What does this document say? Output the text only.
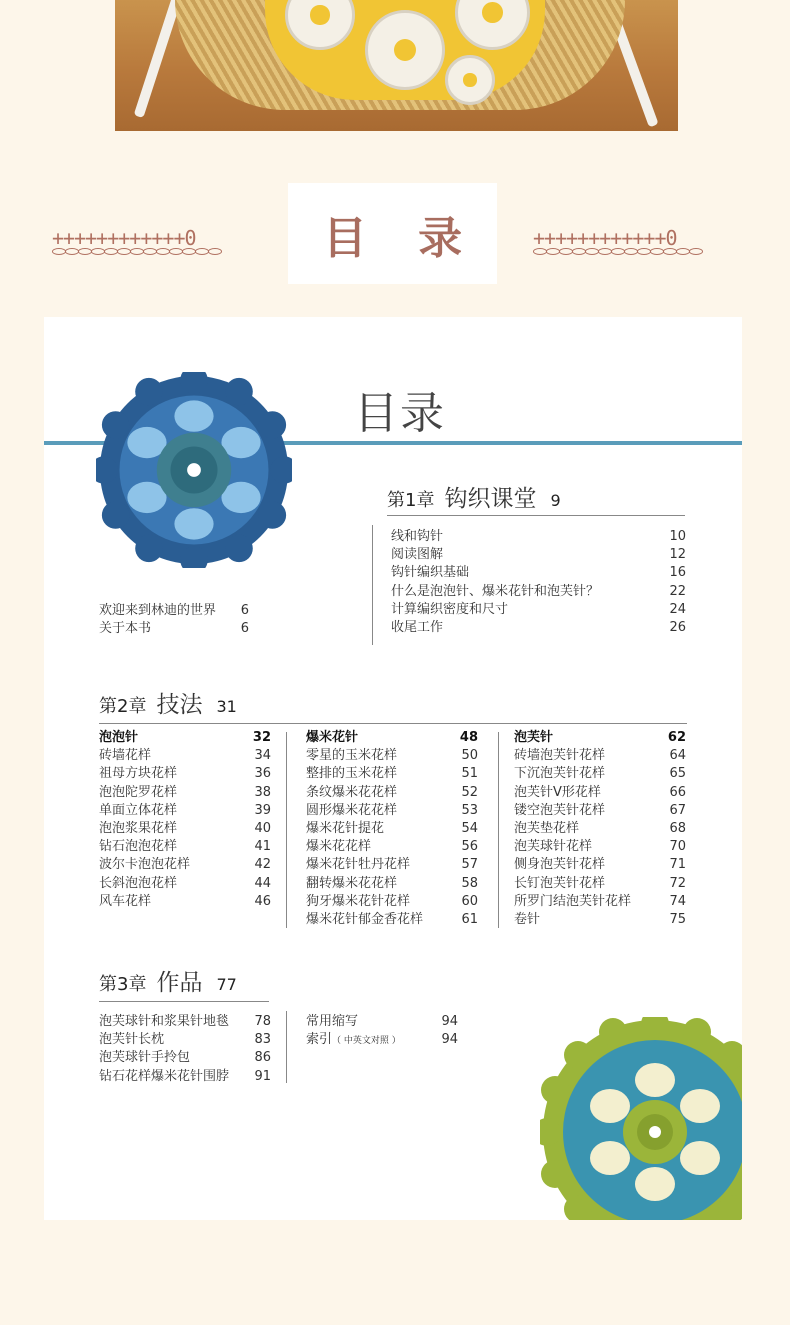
++++++++++++0	目 录	++++++++++++0
目录
欢迎来到林迪的世界 6
关于本书	6
第1章 钩织课堂 9
线和钩针	10
阅读图解	12
钩针编织基础	16
什么是泡泡针、爆米花针和泡芙针？	22
计算编织密度和尺寸	24
收尾工作	26
第2章 技法 31
泡泡针	32
砖墙花样	34
祖母方块花样	36
泡泡陀罗花样	38
单面立体花样	39
泡泡浆果花样	40
钻石泡泡花样	41
波尔卡泡泡花样	42
长斜泡泡花样	44
风车花样	46
爆米花针	48
零星的玉米花样	50
整排的玉米花样	51
条纹爆米花花样	52
圆形爆米花花样	53
爆米花针提花	54
爆米花花样	56
爆米花针牡丹花样	57
翻转爆米花花样	58
狗牙爆米花针花样	60
爆米花针郁金香花样	61
泡芙针	62
砖墙泡芙针花样	64
下沉泡芙针花样	65
泡芙针V形花样	66
镂空泡芙针花样	67
泡芙垫花样	68
泡芙球针花样	70
侧身泡芙针花样	71
长钉泡芙针花样	72
所罗门结泡芙针花样	74
卷针	75
第3章 作品 77
泡芙球针和浆果针地毯 78
泡芙针长枕	83
泡芙球针手拎包	86
钻石花样爆米花针围脖 91
常用缩写	94
索引（ 中英文对照 ）	94
